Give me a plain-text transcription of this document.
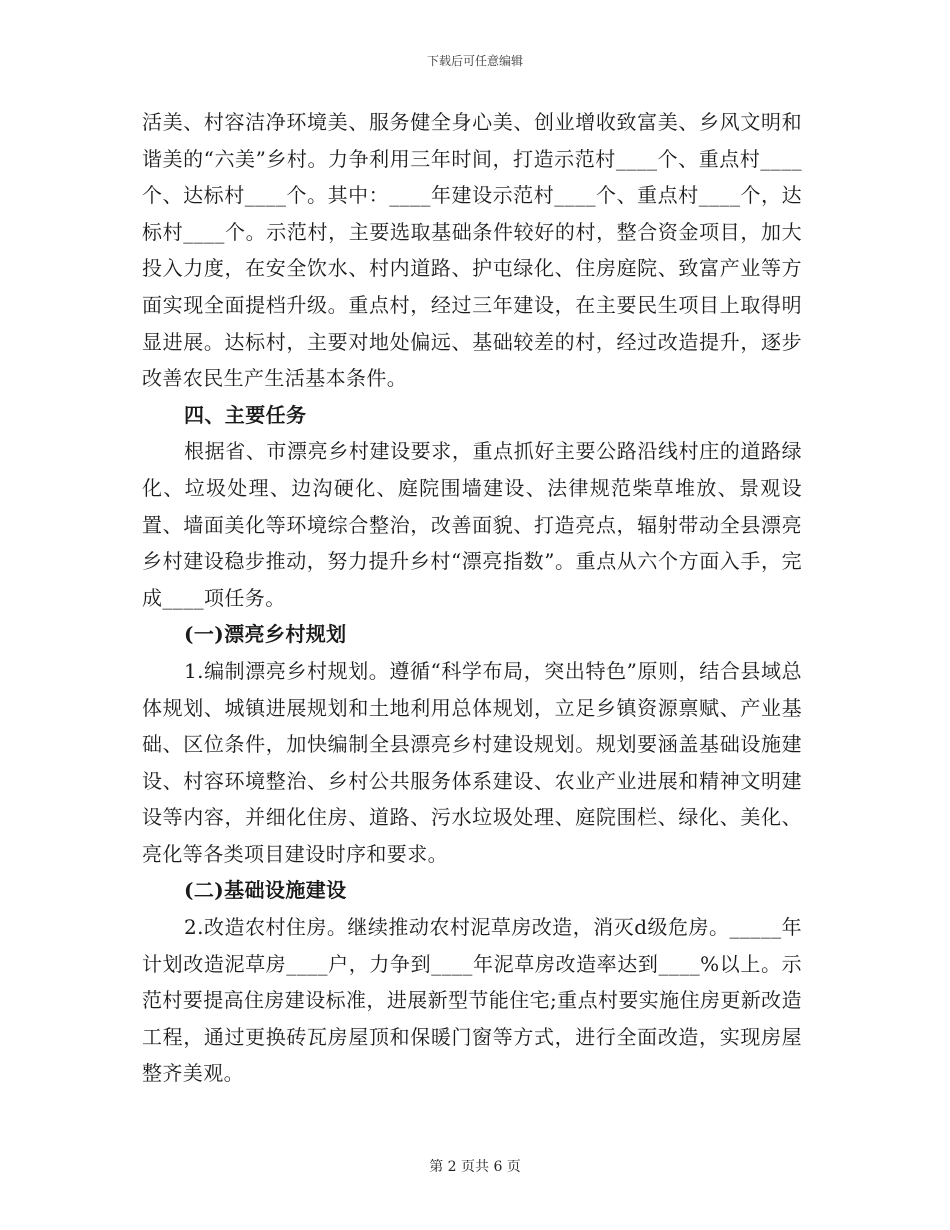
下载后可任意编辑

活美、村容洁净环境美、服务健全身心美、创业增收致富美、乡风文明和谐美的“六美”乡村。力争利用三年时间，打造示范村____个、重点村____个、达标村____个。其中：____年建设示范村____个、重点村____个，达标村____个。示范村，主要选取基础条件较好的村，整合资金项目，加大投入力度，在安全饮水、村内道路、护屯绿化、住房庭院、致富产业等方面实现全面提档升级。重点村，经过三年建设，在主要民生项目上取得明显进展。达标村，主要对地处偏远、基础较差的村，经过改造提升，逐步改善农民生产生活基本条件。

四、主要任务

根据省、市漂亮乡村建设要求，重点抓好主要公路沿线村庄的道路绿化、垃圾处理、边沟硬化、庭院围墙建设、法律规范柴草堆放、景观设置、墙面美化等环境综合整治，改善面貌、打造亮点，辐射带动全县漂亮乡村建设稳步推动，努力提升乡村“漂亮指数”。重点从六个方面入手，完成____项任务。

(一)漂亮乡村规划

1.编制漂亮乡村规划。遵循“科学布局，突出特色”原则，结合县域总体规划、城镇进展规划和土地利用总体规划，立足乡镇资源禀赋、产业基础、区位条件，加快编制全县漂亮乡村建设规划。规划要涵盖基础设施建设、村容环境整治、乡村公共服务体系建设、农业产业进展和精神文明建设等内容，并细化住房、道路、污水垃圾处理、庭院围栏、绿化、美化、亮化等各类项目建设时序和要求。

(二)基础设施建设

2.改造农村住房。继续推动农村泥草房改造，消灭d级危房。_____年计划改造泥草房____户，力争到____年泥草房改造率达到____%以上。示范村要提高住房建设标准，进展新型节能住宅;重点村要实施住房更新改造工程，通过更换砖瓦房屋顶和保暖门窗等方式，进行全面改造，实现房屋整齐美观。

第 2 页共 6 页
